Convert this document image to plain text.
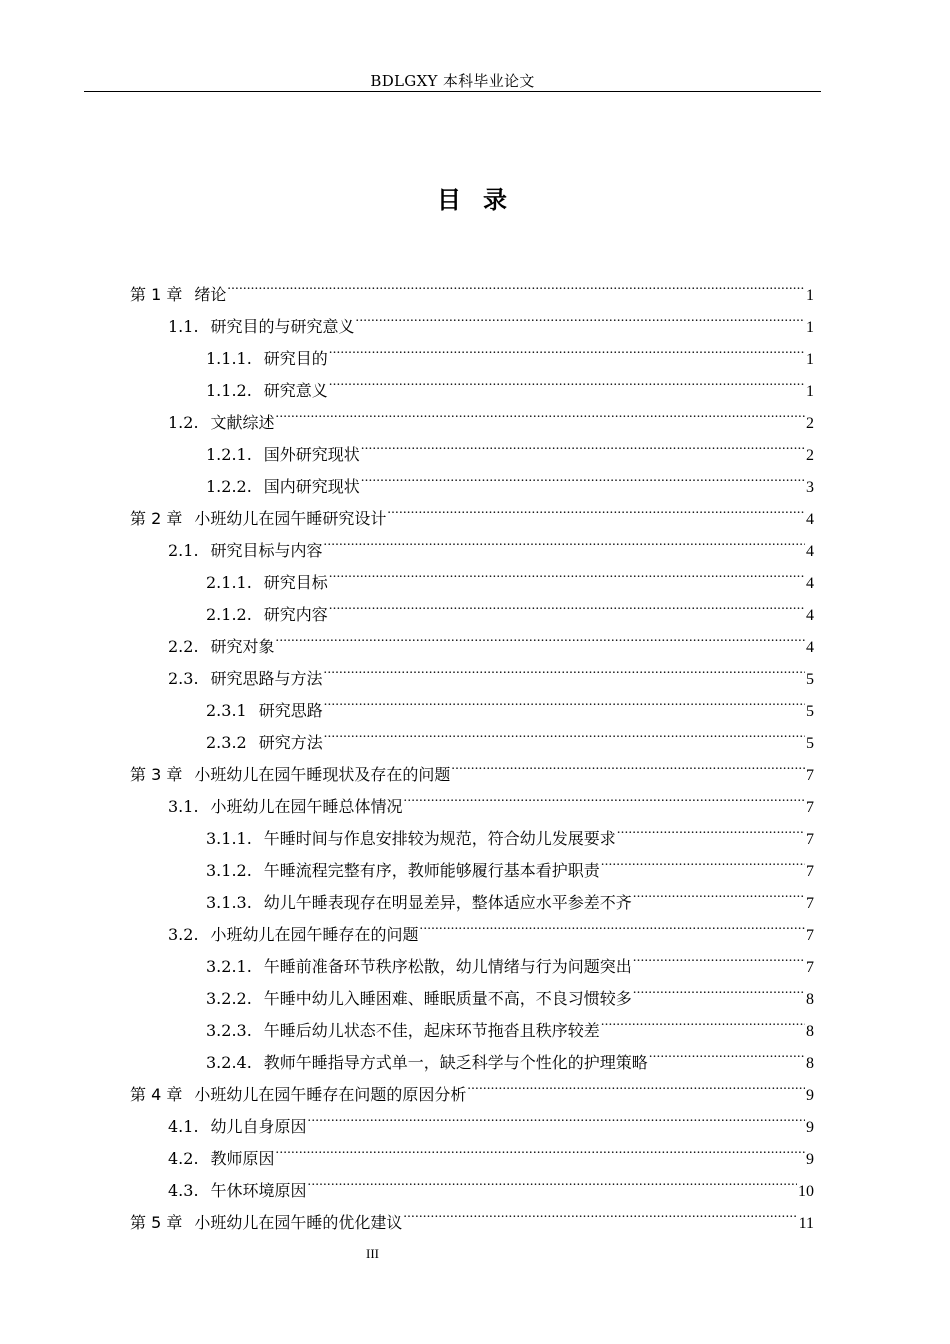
BDLGXY 本科毕业论文
目录
第 1 章 绪论 .....	1
1.1. 研究目的与研究意义 .....	1
1.1.1. 研究目的 .....	1
1.1.2. 研究意义 .....	1
1.2. 文献综述 .....	2
1.2.1. 国外研究现状 .....	2
1.2.2. 国内研究现状 .....	3
第 2 章 小班幼儿在园午睡研究设计 .....	4
2.1. 研究目标与内容 .....	4
2.1.1. 研究目标 .....	4
2.1.2. 研究内容 .....	4
2.2. 研究对象 .....	4
2.3. 研究思路与方法 .....	5
2.3.1 研究思路 .....	5
2.3.2 研究方法 .....	5
第 3 章 小班幼儿在园午睡现状及存在的问题 .....	7
3.1. 小班幼儿在园午睡总体情况 .....	7
3.1.1. 午睡时间与作息安排较为规范，符合幼儿发展要求 .....	7
3.1.2. 午睡流程完整有序，教师能够履行基本看护职责 .....	7
3.1.3. 幼儿午睡表现存在明显差异，整体适应水平参差不齐 .....	7
3.2. 小班幼儿在园午睡存在的问题 .....	7
3.2.1. 午睡前准备环节秩序松散，幼儿情绪与行为问题突出 .....	7
3.2.2. 午睡中幼儿入睡困难、睡眠质量不高，不良习惯较多 .....	8
3.2.3. 午睡后幼儿状态不佳，起床环节拖沓且秩序较差 .....	8
3.2.4. 教师午睡指导方式单一，缺乏科学与个性化的护理策略 .....	8
第 4 章 小班幼儿在园午睡存在问题的原因分析 .....	9
4.1. 幼儿自身原因 .....	9
4.2. 教师原因 .....	9
4.3. 午休环境原因 .....	10
第 5 章 小班幼儿在园午睡的优化建议 .....	11
III
